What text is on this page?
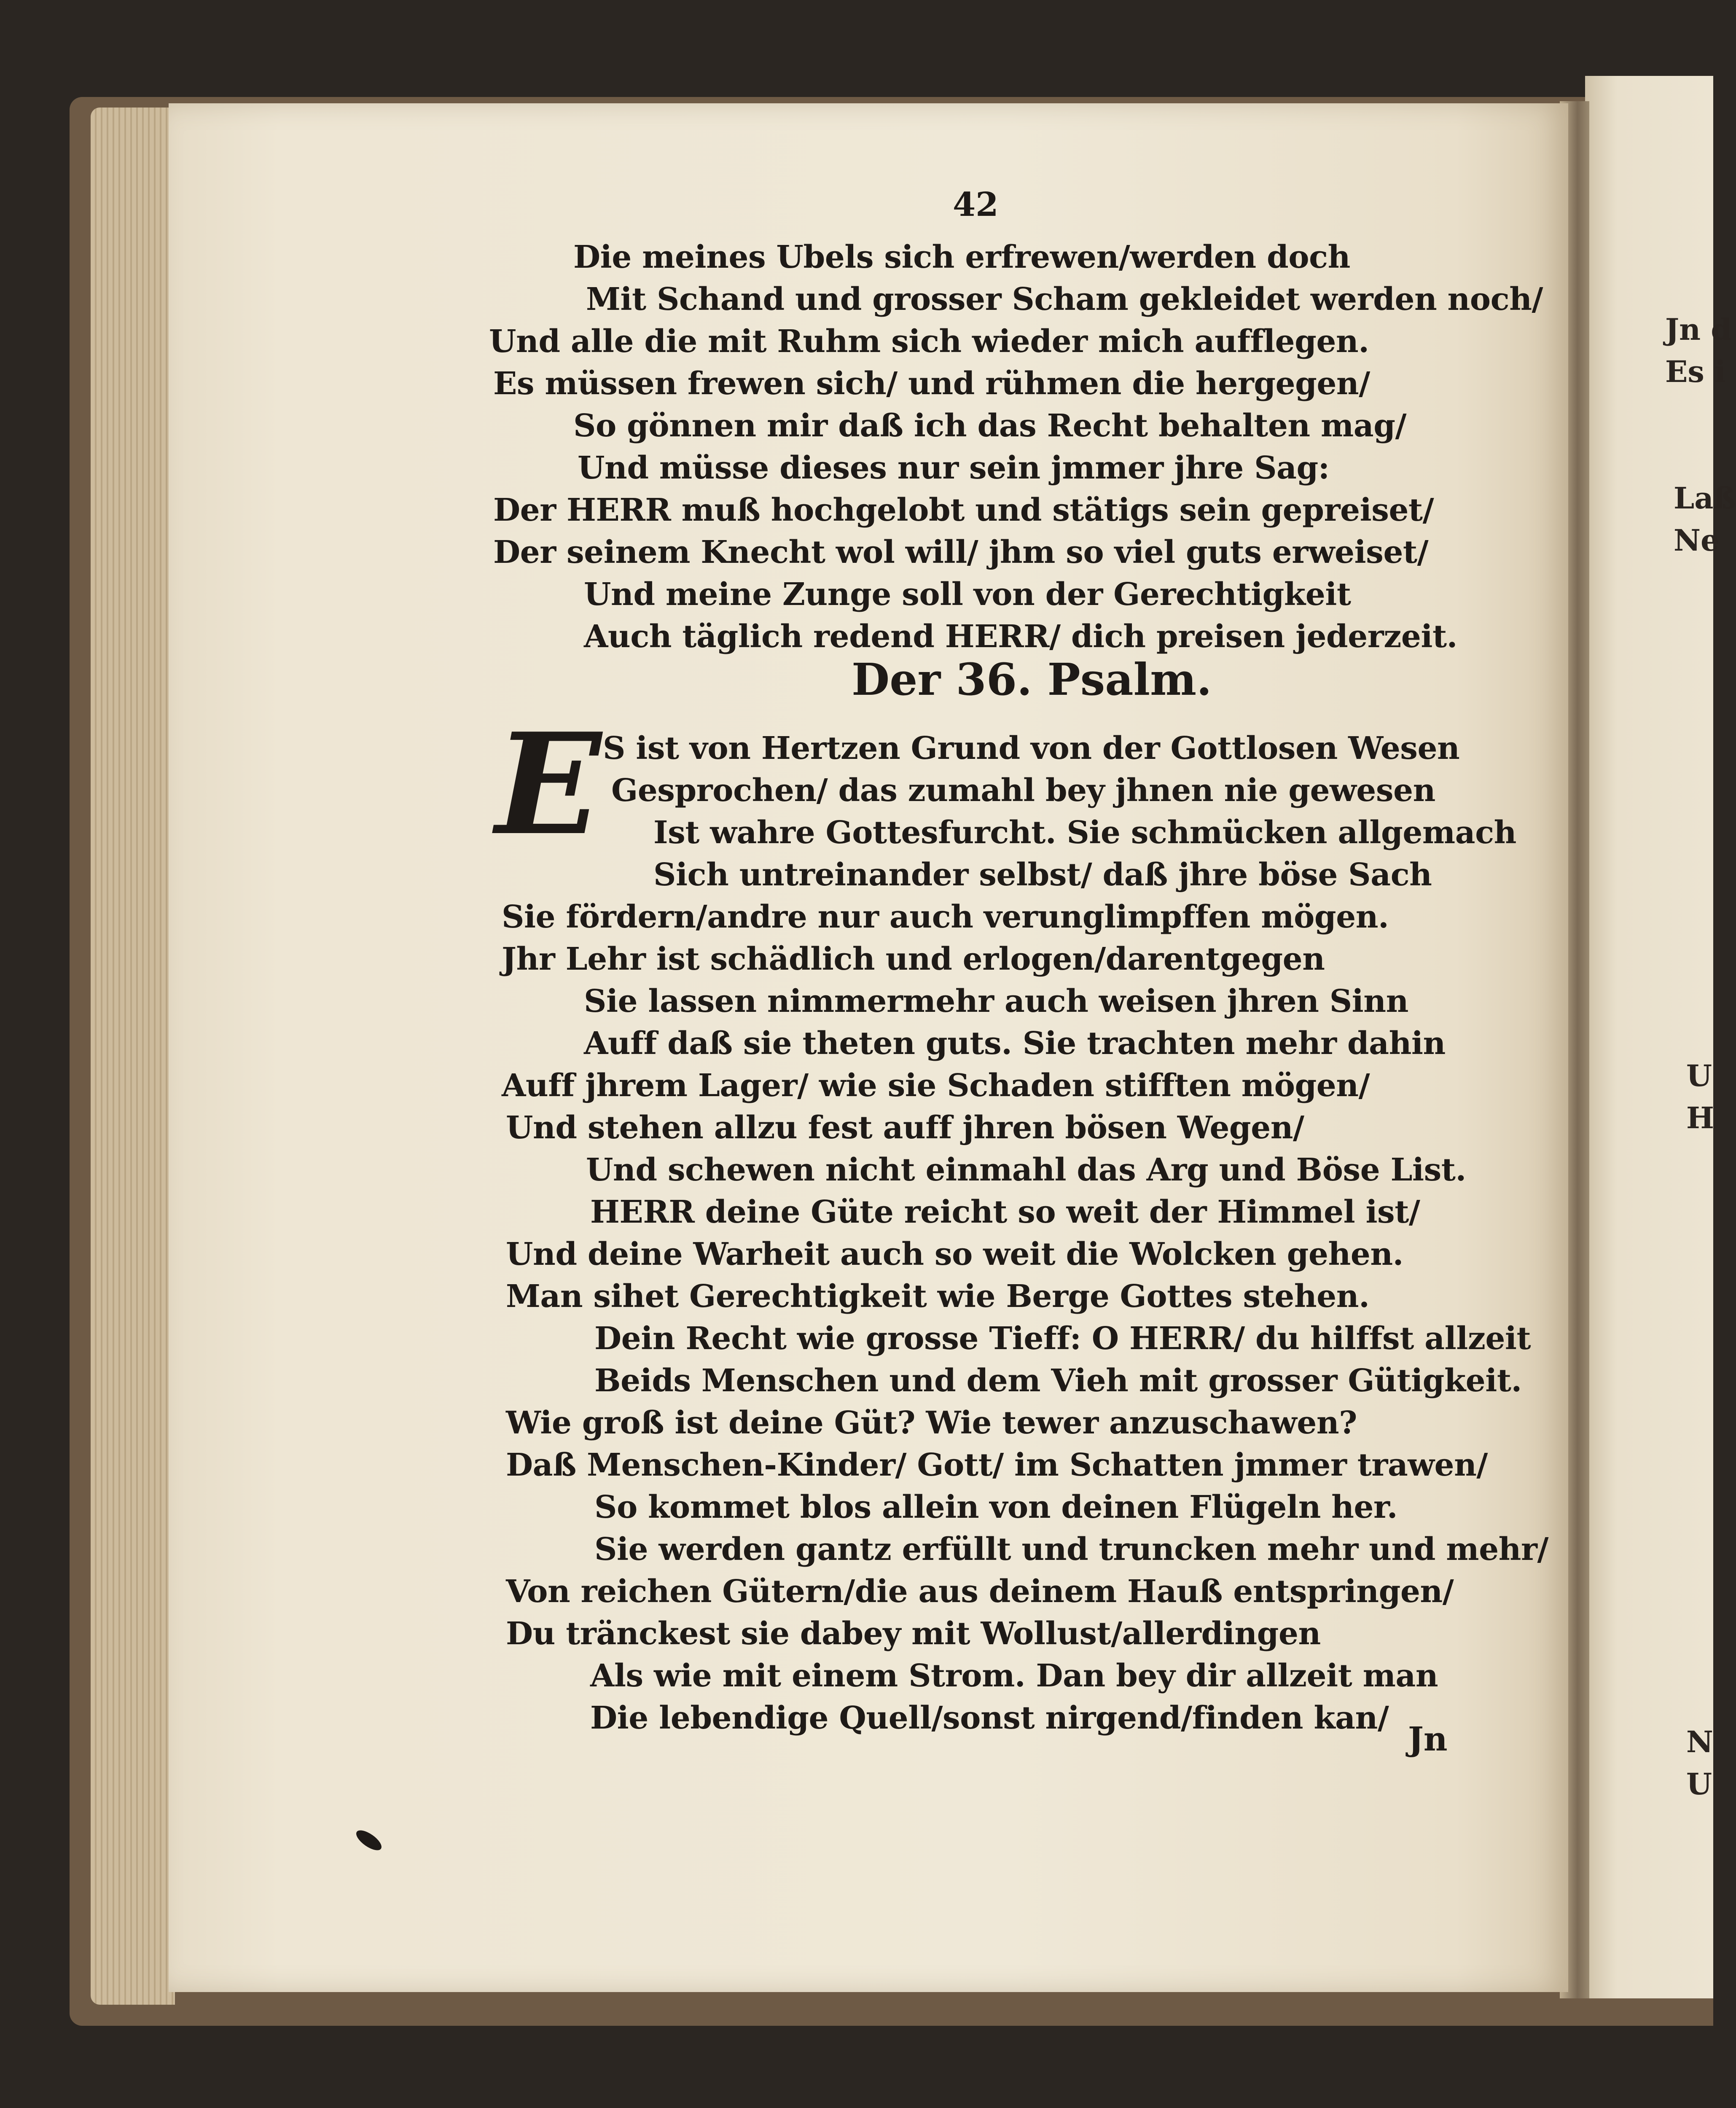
Jn d
Es i
Laß
Ne
U
H
N
U
42
Die meines Ubels sich erfrewen/werden doch
Mit Schand und grosser Scham gekleidet werden noch/
Und alle die mit Ruhm sich wieder mich aufflegen.
Es müssen frewen sich/ und rühmen die hergegen/
So gönnen mir daß ich das Recht behalten mag/
Und müsse dieses nur sein jmmer jhre Sag:
Der HERR muß hochgelobt und stätigs sein gepreiset/
Der seinem Knecht wol will/ jhm so viel guts erweiset/
Und meine Zunge soll von der Gerechtigkeit
Auch täglich redend HERR/ dich preisen jederzeit.
Der 36. Psalm.
E S ist von Hertzen Grund von der Gottlosen Wesen
Gesprochen/ das zumahl bey jhnen nie gewesen
Ist wahre Gottesfurcht. Sie schmücken allgemach
Sich untreinander selbst/ daß jhre böse Sach
Sie fördern/andre nur auch verunglimpffen mögen.
Jhr Lehr ist schädlich und erlogen/darentgegen
Sie lassen nimmermehr auch weisen jhren Sinn
Auff daß sie theten guts. Sie trachten mehr dahin
Auff jhrem Lager/ wie sie Schaden stifften mögen/
Und stehen allzu fest auff jhren bösen Wegen/
Und schewen nicht einmahl das Arg und Böse List.
HERR deine Güte reicht so weit der Himmel ist/
Und deine Warheit auch so weit die Wolcken gehen.
Man sihet Gerechtigkeit wie Berge Gottes stehen.
Dein Recht wie grosse Tieff: O HERR/ du hilffst allzeit
Beids Menschen und dem Vieh mit grosser Gütigkeit.
Wie groß ist deine Güt? Wie tewer anzuschawen?
Daß Menschen-Kinder/ Gott/ im Schatten jmmer trawen/
So kommet blos allein von deinen Flügeln her.
Sie werden gantz erfüllt und truncken mehr und mehr/
Von reichen Gütern/die aus deinem Hauß entspringen/
Du tränckest sie dabey mit Wollust/allerdingen
Als wie mit einem Strom. Dan bey dir allzeit man
Die lebendige Quell/sonst nirgend/finden kan/
Jn
